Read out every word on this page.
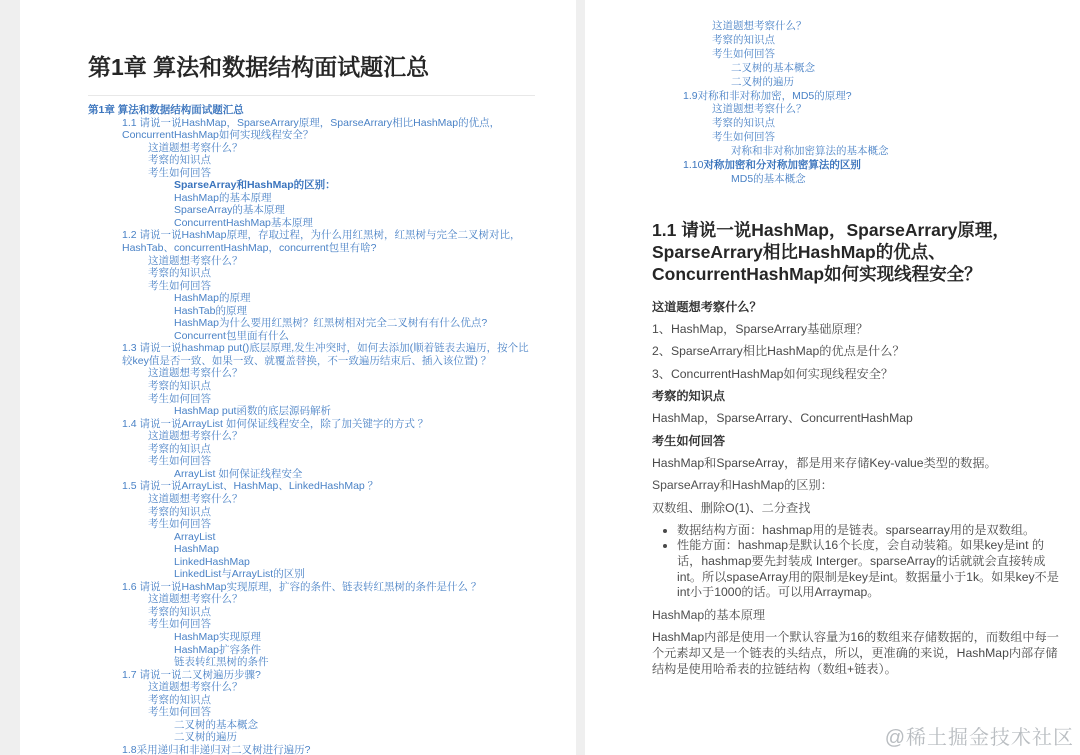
第1章 算法和数据结构面试题汇总
第1章 算法和数据结构面试题汇总
1.1 请说一说HashMap，SparseArrary原理，SparseArrary相比HashMap的优点，ConcurrentHashMap如何实现线程安全？
这道题想考察什么？
考察的知识点
考生如何回答
SparseArray和HashMap的区别：
HashMap的基本原理
SparseArray的基本原理
ConcurrentHashMap基本原理
1.2 请说一说HashMap原理，存取过程，为什么用红黑树，红黑树与完全二叉树对比，HashTab、concurrentHashMap，concurrent包里有啥?
这道题想考察什么？
考察的知识点
考生如何回答
HashMap的原理
HashTab的原理
HashMap为什么要用红黑树？红黑树相对完全二叉树有有什么优点?
Concurrent包里面有什么
1.3 请说一说hashmap put()底层原理,发生冲突时，如何去添加(顺着链表去遍历，按个比较key值是否一致、如果一致、就覆盖替换，不一致遍历结束后、插入该位置) ？
这道题想考察什么？
考察的知识点
考生如何回答
HashMap put函数的底层源码解析
1.4 请说一说ArrayList 如何保证线程安全，除了加关键字的方式 ？
这道题想考察什么？
考察的知识点
考生如何回答
ArrayList 如何保证线程安全
1.5 请说一说ArrayList、HashMap、LinkedHashMap ？
这道题想考察什么？
考察的知识点
考生如何回答
ArrayList
HashMap
LinkedHashMap
LinkedList与ArrayList的区别
1.6 请说一说HashMap实现原理，扩容的条件、链表转红黑树的条件是什么 ？
这道题想考察什么？
考察的知识点
考生如何回答
HashMap实现原理
HashMap扩容条件
链表转红黑树的条件
1.7 请说一说二叉树遍历步骤?
这道题想考察什么？
考察的知识点
考生如何回答
二叉树的基本概念
二叉树的遍历
1.8采用递归和非递归对二叉树进行遍历?
这道题想考察什么？
考察的知识点
考生如何回答
二叉树的基本概念
二叉树的遍历
1.9对称和非对称加密，MD5的原理?
这道题想考察什么？
考察的知识点
考生如何回答
对称和非对称加密算法的基本概念
1.10对称加密和分对称加密算法的区别
MD5的基本概念
1.1 请说一说HashMap，SparseArrary原理，SparseArrary相比HashMap的优点、ConcurrentHashMap如何实现线程安全？

这道题想考察什么？

1、HashMap，SparseArrary基础原理？

2、SparseArrary相比HashMap的优点是什么？

3、ConcurrentHashMap如何实现线程安全？

考察的知识点

HashMap，SparseArrary、ConcurrentHashMap

考生如何回答

HashMap和SparseArray，都是用来存储Key-value类型的数据。

SparseArray和HashMap的区别：

双数组、删除O(1)、二分查找

• 数据结构方面：hashmap用的是链表。sparsearray用的是双数组。
• 性能方面：hashmap是默认16个长度，会自动装箱。如果key是int 的话，hashmap要先封装成 Interger。sparseArray的话就就会直接转成int。所以spaseArray用的限制是key是int。数据量小于1k。如果key不是int小于1000的话。可以用Arraymap。

HashMap的基本原理

HashMap内部是使用一个默认容量为16的数组来存储数据的，而数组中每一个元素却又是一个链表的头结点，所以，更准确的来说，HashMap内部存储结构是使用哈希表的拉链结构（数组+链表）。

@稀土掘金技术社区
